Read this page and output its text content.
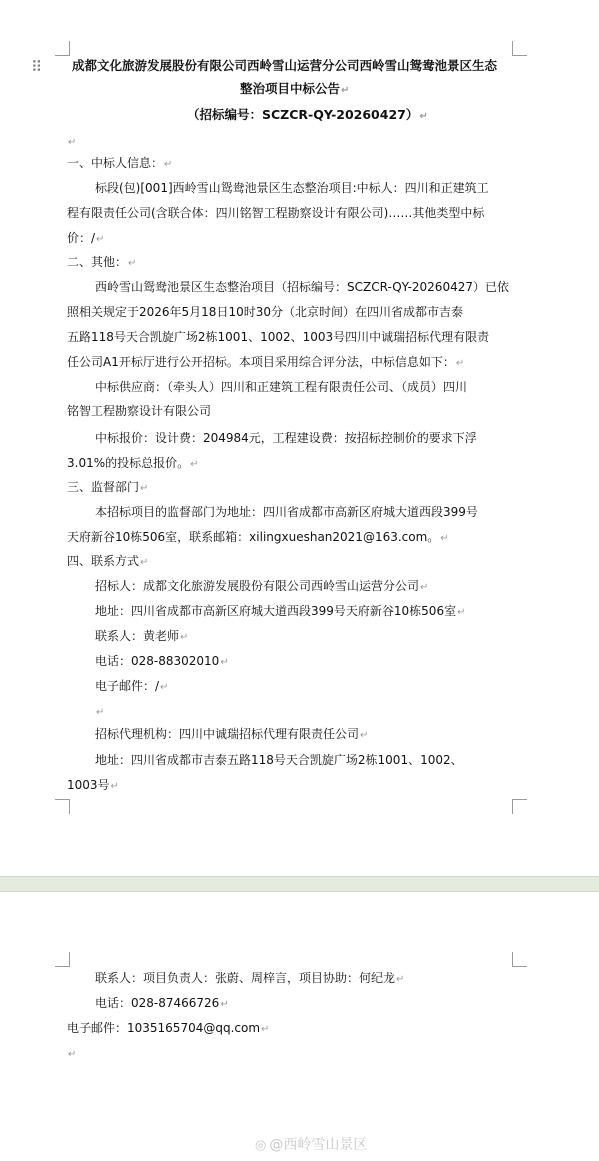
⠿ 成都文化旅游发展股份有限公司西岭雪山运营分公司西岭雪山鸳鸯池景区生态
整治项目中标公告↵
（招标编号：SCZCR-QY-20260427）↵
↵
一、中标人信息：↵
标段(包)[001]西岭雪山鸳鸯池景区生态整治项目:中标人：四川和正建筑工
程有限责任公司(含联合体：四川铭智工程勘察设计有限公司)……其他类型中标
价：/↵
二、其他：↵
西岭雪山鸳鸯池景区生态整治项目（招标编号：SCZCR-QY-20260427）已依
照相关规定于2026年5月18日10时30分（北京时间）在四川省成都市吉泰
五路118号天合凯旋广场2栋1001、1002、1003号四川中诚瑞招标代理有限责
任公司A1开标厅进行公开招标。本项目采用综合评分法，中标信息如下：↵
中标供应商：（牵头人）四川和正建筑工程有限责任公司、（成员）四川
铭智工程勘察设计有限公司
中标报价：设计费：204984元，工程建设费：按招标控制价的要求下浮
3.01%的投标总报价。↵
三、监督部门↵
本招标项目的监督部门为地址：四川省成都市高新区府城大道西段399号
天府新谷10栋506室，联系邮箱：xilingxueshan2021@163.com。↵
四、联系方式↵
招标人：成都文化旅游发展股份有限公司西岭雪山运营分公司↵
地址：四川省成都市高新区府城大道西段399号天府新谷10栋506室↵
联系人：黄老师↵
电话：028-88302010↵
电子邮件：/↵
↵
招标代理机构：四川中诚瑞招标代理有限责任公司↵
地址：四川省成都市吉泰五路118号天合凯旋广场2栋1001、1002、
1003号↵
联系人：项目负责人：张蔚、周梓言，项目协助：何纪龙↵
电话：028-87466726↵
电子邮件：1035165704@qq.com↵
↵
◎ @西岭雪山景区
